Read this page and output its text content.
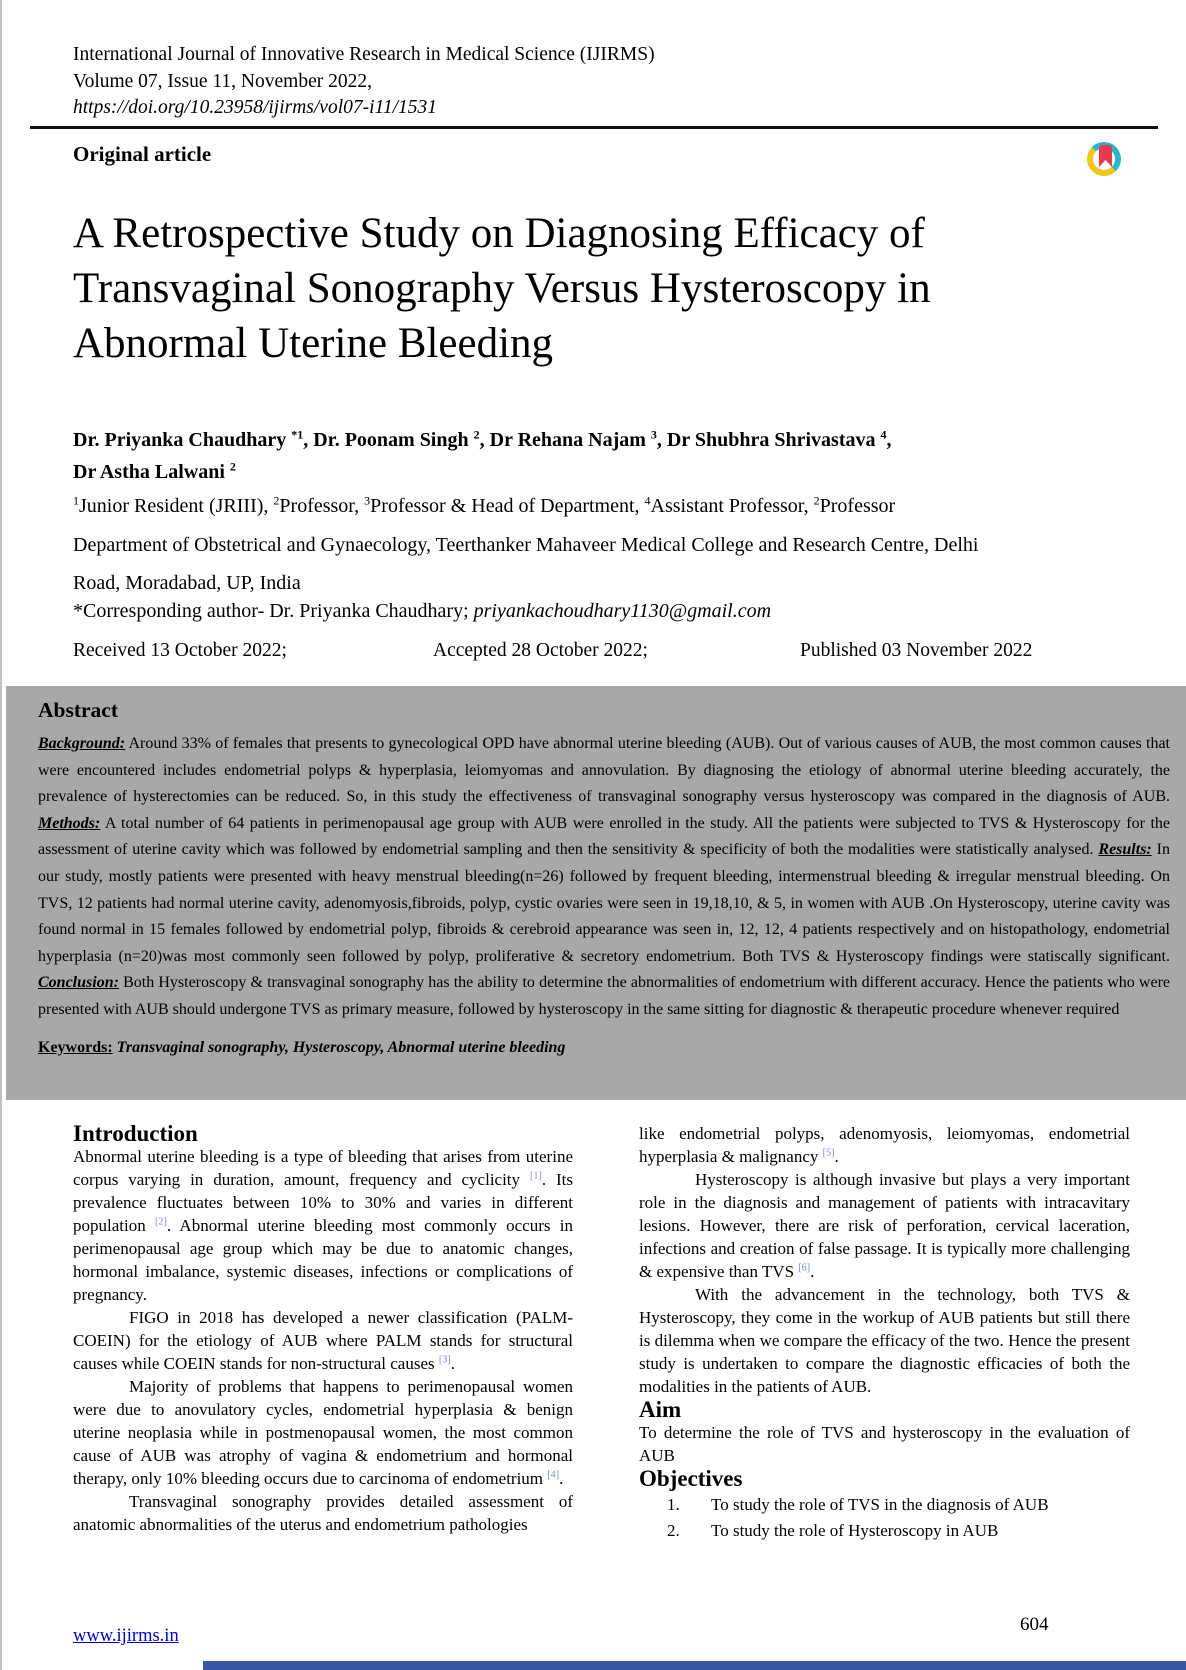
International Journal of Innovative Research in Medical Science (IJIRMS)
Volume 07, Issue 11, November 2022,
https://doi.org/10.23958/ijirms/vol07-i11/1531
Original article
A Retrospective Study on Diagnosing Efficacy of Transvaginal Sonography Versus Hysteroscopy in Abnormal Uterine Bleeding
Dr. Priyanka Chaudhary $^{*1}$, Dr. Poonam Singh $^2$, Dr Rehana Najam $^3$, Dr Shubhra Shrivastava $^4$,
Dr Astha Lalwani $^2$
$^1$Junior Resident (JRIII), $^2$Professor, $^3$Professor & Head of Department, $^4$Assistant Professor, $^2$Professor
Department of Obstetrical and Gynaecology, Teerthanker Mahaveer Medical College and Research Centre, Delhi
Road, Moradabad, UP, India
*Corresponding author- Dr. Priyanka Chaudhary; priyankachoudhary1130@gmail.com
Received 13 October 2022;	Accepted 28 October 2022;	Published 03 November 2022
Abstract

Background: Around 33% of females that presents to gynecological OPD have abnormal uterine bleeding (AUB). Out of various causes of AUB, the most common causes that were encountered includes endometrial polyps & hyperplasia, leiomyomas and annovulation. By diagnosing the etiology of abnormal uterine bleeding accurately, the prevalence of hysterectomies can be reduced. So, in this study the effectiveness of transvaginal sonography versus hysteroscopy was compared in the diagnosis of AUB. Methods: A total number of 64 patients in perimenopausal age group with AUB were enrolled in the study. All the patients were subjected to TVS & Hysteroscopy for the assessment of uterine cavity which was followed by endometrial sampling and then the sensitivity & specificity of both the modalities were statistically analysed. Results: In our study, mostly patients were presented with heavy menstrual bleeding(n=26) followed by frequent bleeding, intermenstrual bleeding & irregular menstrual bleeding. On TVS, 12 patients had normal uterine cavity, adenomyosis,fibroids, polyp, cystic ovaries were seen in 19,18,10, & 5, in women with AUB .On Hysteroscopy, uterine cavity was found normal in 15 females followed by endometrial polyp, fibroids & cerebroid appearance was seen in, 12, 12, 4 patients respectively and on histopathology, endometrial hyperplasia (n=20)was most commonly seen followed by polyp, proliferative & secretory endometrium. Both TVS & Hysteroscopy findings were statiscally significant. Conclusion: Both Hysteroscopy & transvaginal sonography has the ability to determine the abnormalities of endometrium with different accuracy. Hence the patients who were presented with AUB should undergone TVS as primary measure, followed by hysteroscopy in the same sitting for diagnostic & therapeutic procedure whenever required

Keywords: Transvaginal sonography, Hysteroscopy, Abnormal uterine bleeding

Introduction

Abnormal uterine bleeding is a type of bleeding that arises from uterine corpus varying in duration, amount, frequency and cyclicity [1]. Its prevalence fluctuates between 10% to 30% and varies in different population [2]. Abnormal uterine bleeding most commonly occurs in perimenopausal age group which may be due to anatomic changes, hormonal imbalance, systemic diseases, infections or complications of pregnancy.

FIGO in 2018 has developed a newer classification (PALM-COEIN) for the etiology of AUB where PALM stands for structural causes while COEIN stands for non-structural causes [3].

Majority of problems that happens to perimenopausal women were due to anovulatory cycles, endometrial hyperplasia & benign uterine neoplasia while in postmenopausal women, the most common cause of AUB was atrophy of vagina & endometrium and hormonal therapy, only 10% bleeding occurs due to carcinoma of endometrium [4].

Transvaginal sonography provides detailed assessment of anatomic abnormalities of the uterus and endometrium pathologies

like endometrial polyps, adenomyosis, leiomyomas, endometrial hyperplasia & malignancy [5].

Hysteroscopy is although invasive but plays a very important role in the diagnosis and management of patients with intracavitary lesions. However, there are risk of perforation, cervical laceration, infections and creation of false passage. It is typically more challenging & expensive than TVS [6].

With the advancement in the technology, both TVS & Hysteroscopy, they come in the workup of AUB patients but still there is dilemma when we compare the efficacy of the two. Hence the present study is undertaken to compare the diagnostic efficacies of both the modalities in the patients of AUB.

Aim

To determine the role of TVS and hysteroscopy in the evaluation of AUB

Objectives
1.	To study the role of TVS in the diagnosis of AUB
2.	To study the role of Hysteroscopy in AUB
www.ijirms.in
604
